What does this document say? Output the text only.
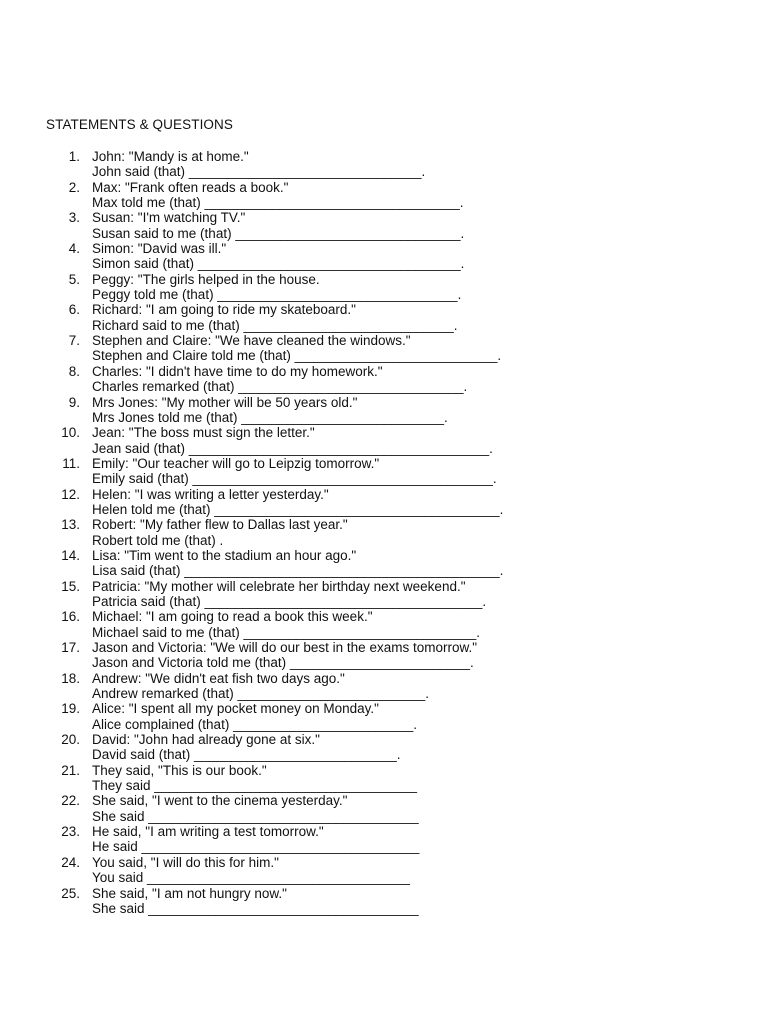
STATEMENTS & QUESTIONS
1. John: "Mandy is at home."
John said (that) _______________________________.
2. Max: "Frank often reads a book."
Max told me (that) __________________________________.
3. Susan: "I'm watching TV."
Susan said to me (that) ______________________________.
4. Simon: "David was ill."
Simon said (that) ___________________________________.
5. Peggy: "The girls helped in the house.
Peggy told me (that) ________________________________.
6. Richard: "I am going to ride my skateboard."
Richard said to me (that) ____________________________.
7. Stephen and Claire: "We have cleaned the windows."
Stephen and Claire told me (that) ___________________________.
8. Charles: "I didn't have time to do my homework."
Charles remarked (that) ______________________________.
9. Mrs Jones: "My mother will be 50 years old."
Mrs Jones told me (that) ___________________________.
10. Jean: "The boss must sign the letter."
Jean said (that) ________________________________________.
11. Emily: "Our teacher will go to Leipzig tomorrow."
Emily said (that) ________________________________________.
12. Helen: "I was writing a letter yesterday."
Helen told me (that) ______________________________________.
13. Robert: "My father flew to Dallas last year."
Robert told me (that) .
14. Lisa: "Tim went to the stadium an hour ago."
Lisa said (that) __________________________________________.
15. Patricia: "My mother will celebrate her birthday next weekend."
Patricia said (that) _____________________________________.
16. Michael: "I am going to read a book this week."
Michael said to me (that) _______________________________.
17. Jason and Victoria: "We will do our best in the exams tomorrow."
Jason and Victoria told me (that) ________________________.
18. Andrew: "We didn't eat fish two days ago."
Andrew remarked (that) _________________________.
19. Alice: "I spent all my pocket money on Monday."
Alice complained (that) ________________________.
20. David: "John had already gone at six."
David said (that) ___________________________.
21. They said, "This is our book."
They said ___________________________________
22. She said, "I went to the cinema yesterday."
She said ____________________________________
23. He said, "I am writing a test tomorrow."
He said _____________________________________
24. You said, "I will do this for him."
You said ___________________________________
25. She said, "I am not hungry now."
She said ____________________________________
